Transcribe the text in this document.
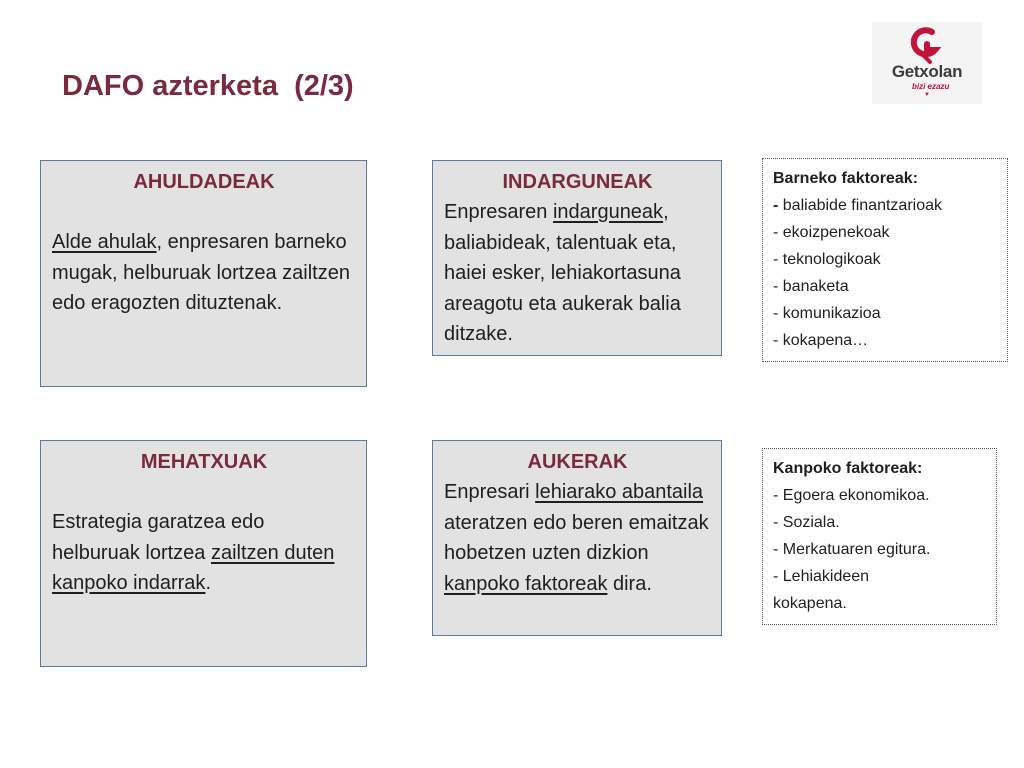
DAFO azterketa  (2/3)	Getxolan
bizi ezazu
▼
AHULDADEAK
Alde ahulak, enpresaren barneko mugak, helburuak lortzea zailtzen edo eragozten dituztenak.
INDARGUNEAK
Enpresaren indarguneak, baliabideak, talentuak eta, haiei esker, lehiakortasuna areagotu eta aukerak balia ditzake.
MEHATXUAK
Estrategia garatzea edo helburuak lortzea zailtzen duten kanpoko indarrak.
AUKERAK
Enpresari lehiarako abantaila ateratzen edo beren emaitzak hobetzen uzten dizkion kanpoko faktoreak dira.
Barneko faktoreak:
- baliabide finantzarioak
- ekoizpenekoak
- teknologikoak
- banaketa
- komunikazioa
- kokapena…
Kanpoko faktoreak:
- Egoera ekonomikoa.
- Soziala.
- Merkatuaren egitura.
- Lehiakideen
kokapena.
